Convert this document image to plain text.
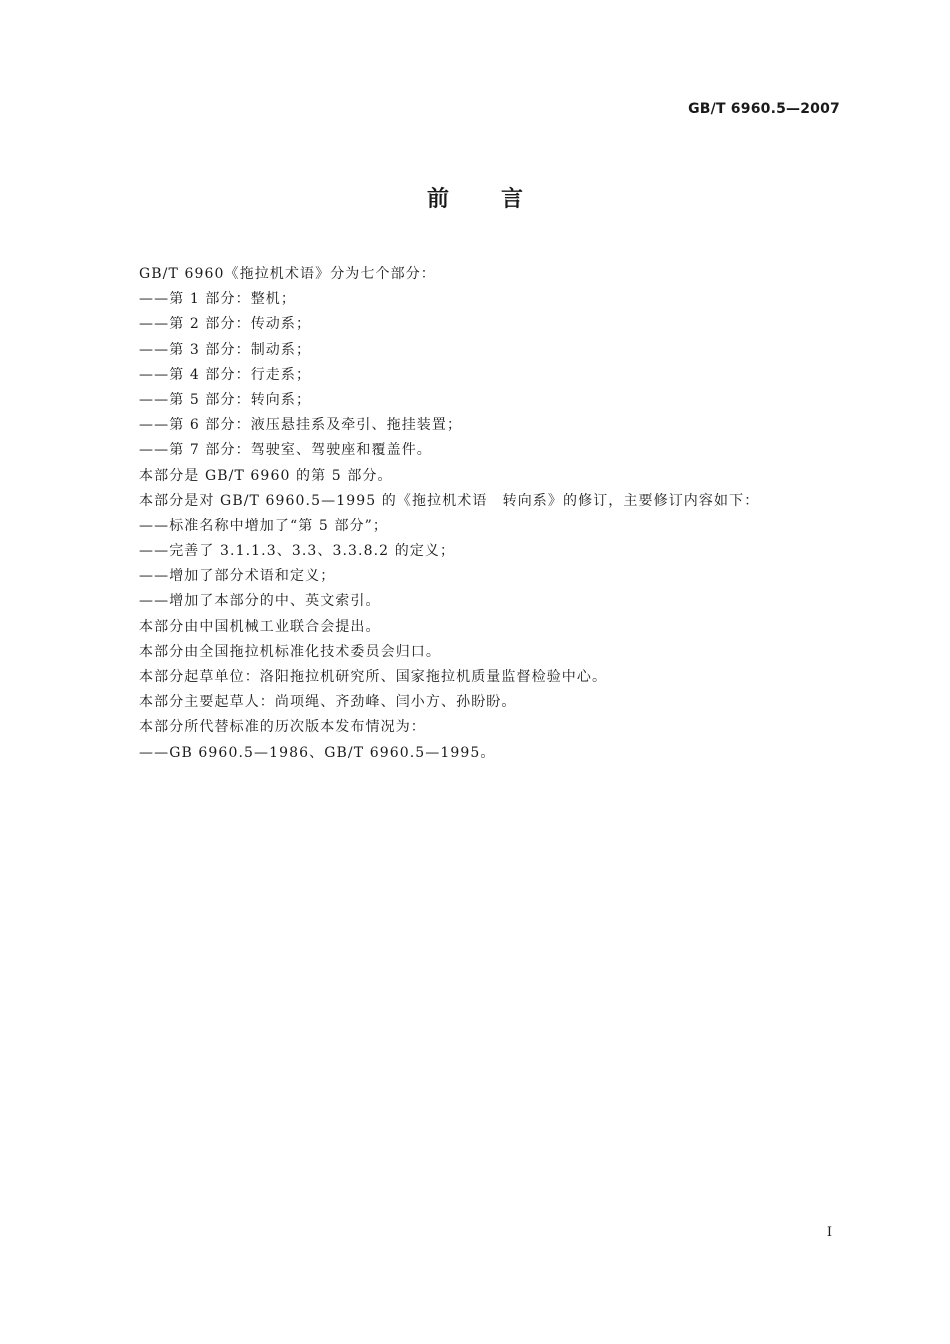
GB/T 6960.5—2007
前言
GB/T 6960《拖拉机术语》分为七个部分：
——第 1 部分：整机；
——第 2 部分：传动系；
——第 3 部分：制动系；
——第 4 部分：行走系；
——第 5 部分：转向系；
——第 6 部分：液压悬挂系及牵引、拖挂装置；
——第 7 部分：驾驶室、驾驶座和覆盖件。
本部分是 GB/T 6960 的第 5 部分。
本部分是对 GB/T 6960.5—1995 的《拖拉机术语　转向系》的修订，主要修订内容如下：
——标准名称中增加了“第 5 部分”；
——完善了 3.1.1.3、3.3、3.3.8.2 的定义；
——增加了部分术语和定义；
——增加了本部分的中、英文索引。
本部分由中国机械工业联合会提出。
本部分由全国拖拉机标准化技术委员会归口。
本部分起草单位：洛阳拖拉机研究所、国家拖拉机质量监督检验中心。
本部分主要起草人：尚项绳、齐劲峰、闫小方、孙盼盼。
本部分所代替标准的历次版本发布情况为：
——GB 6960.5—1986、GB/T 6960.5—1995。
I
